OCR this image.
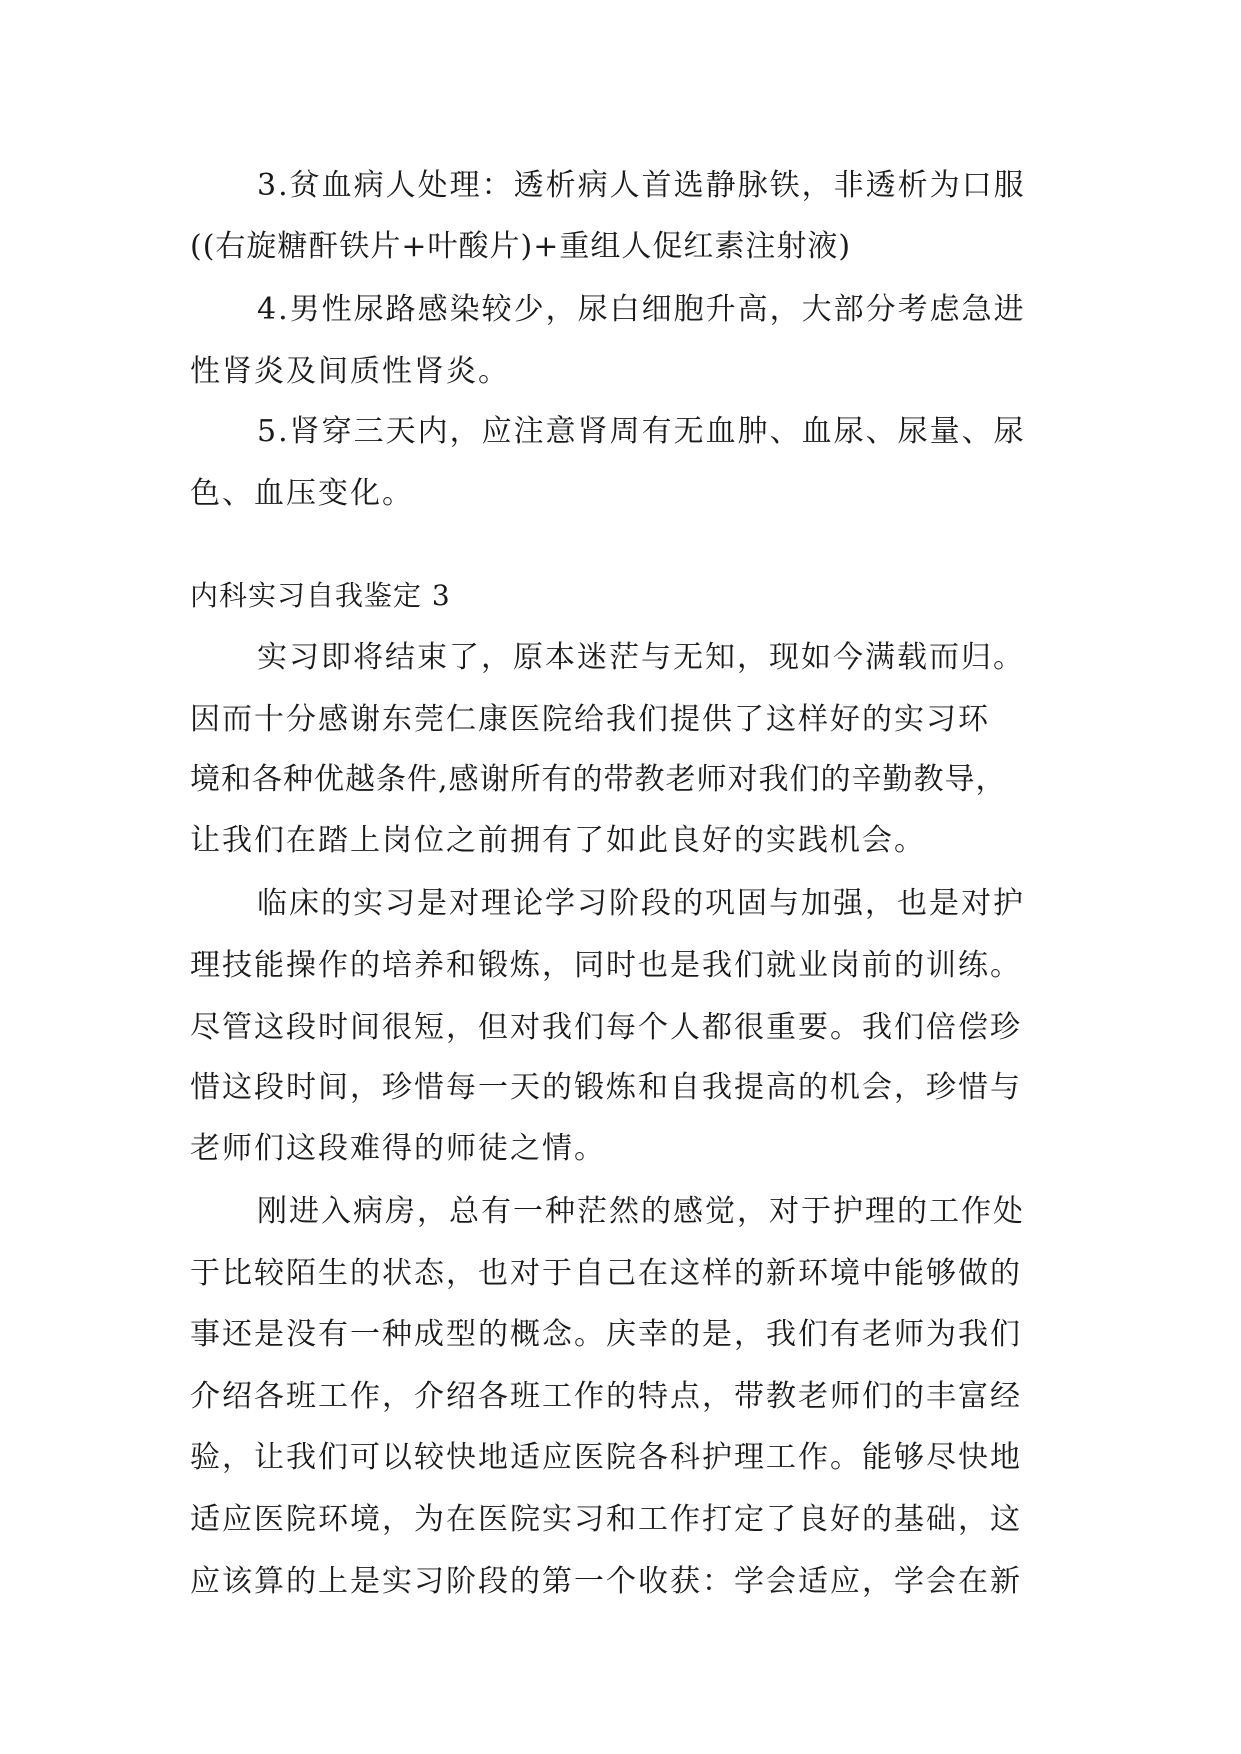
3.贫血病人处理：透析病人首选静脉铁，非透析为口服
((右旋糖酐铁片+叶酸片)+重组人促红素注射液)
4.男性尿路感染较少，尿白细胞升高，大部分考虑急进
性肾炎及间质性肾炎。
5.肾穿三天内，应注意肾周有无血肿、血尿、尿量、尿
色、血压变化。
内科实习自我鉴定 3
实习即将结束了，原本迷茫与无知，现如今满载而归。
因而十分感谢东莞仁康医院给我们提供了这样好的实习环
境和各种优越条件,感谢所有的带教老师对我们的辛勤教导，
让我们在踏上岗位之前拥有了如此良好的实践机会。
临床的实习是对理论学习阶段的巩固与加强，也是对护
理技能操作的培养和锻炼，同时也是我们就业岗前的训练。
尽管这段时间很短，但对我们每个人都很重要。我们倍偿珍
惜这段时间，珍惜每一天的锻炼和自我提高的机会，珍惜与
老师们这段难得的师徒之情。
刚进入病房，总有一种茫然的感觉，对于护理的工作处
于比较陌生的状态，也对于自己在这样的新环境中能够做的
事还是没有一种成型的概念。庆幸的是，我们有老师为我们
介绍各班工作，介绍各班工作的特点，带教老师们的丰富经
验，让我们可以较快地适应医院各科护理工作。能够尽快地
适应医院环境，为在医院实习和工作打定了良好的基础，这
应该算的上是实习阶段的第一个收获：学会适应，学会在新
